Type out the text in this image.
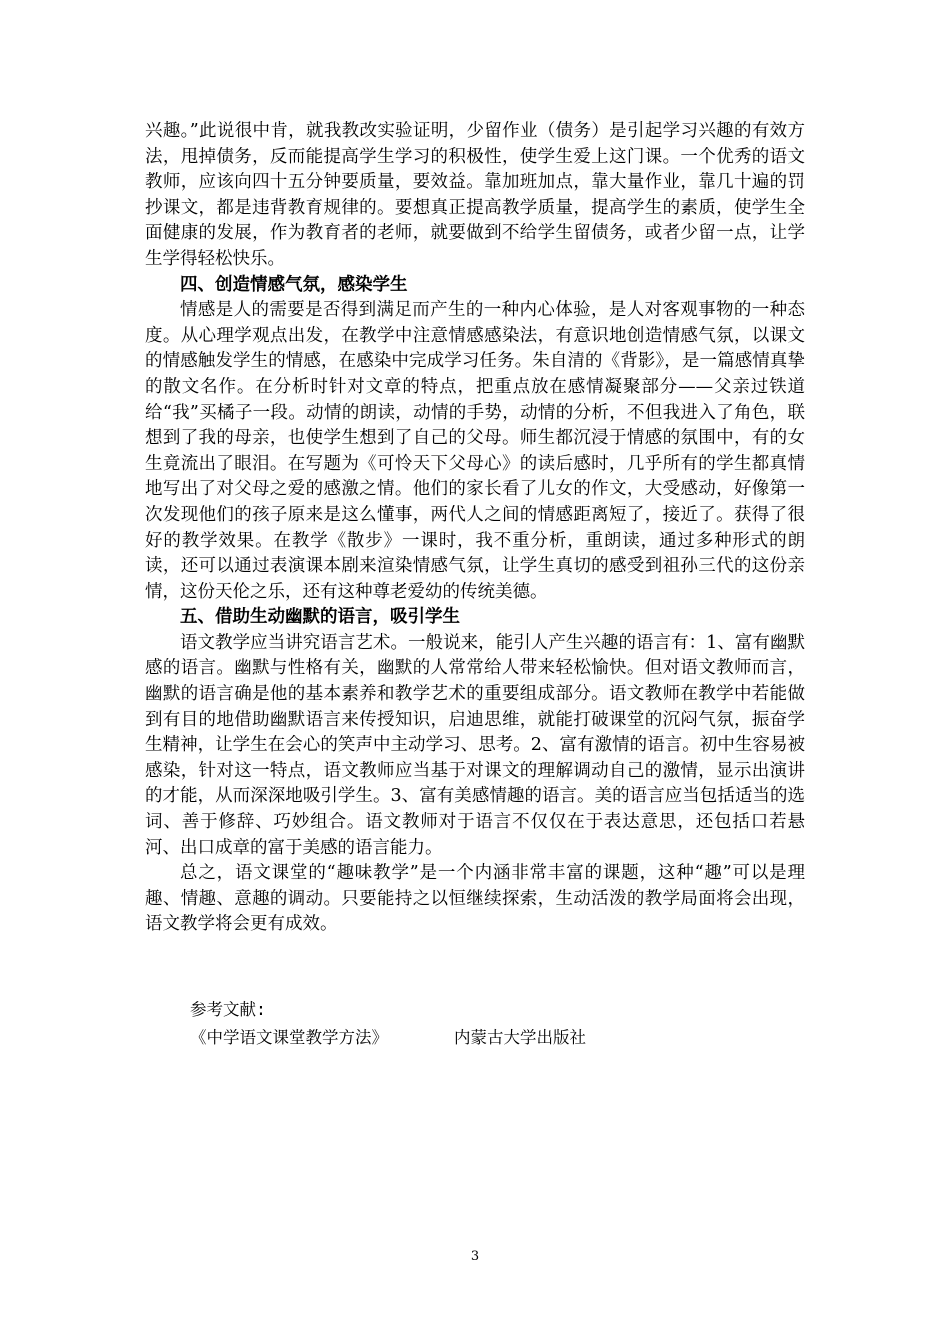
兴趣。”此说很中肯，就我教改实验证明，少留作业（债务）是引起学习兴趣的有效方法，甩掉债务，反而能提高学生学习的积极性，使学生爱上这门课。一个优秀的语文教师，应该向四十五分钟要质量，要效益。靠加班加点，靠大量作业，靠几十遍的罚抄课文，都是违背教育规律的。要想真正提高教学质量，提高学生的素质，使学生全面健康的发展，作为教育者的老师，就要做到不给学生留债务，或者少留一点，让学生学得轻松快乐。

四、创造情感气氛，感染学生

情感是人的需要是否得到满足而产生的一种内心体验，是人对客观事物的一种态度。从心理学观点出发，在教学中注意情感感染法，有意识地创造情感气氛，以课文的情感触发学生的情感，在感染中完成学习任务。朱自清的《背影》，是一篇感情真挚的散文名作。在分析时针对文章的特点，把重点放在感情凝聚部分——父亲过铁道给“我”买橘子一段。动情的朗读，动情的手势，动情的分析，不但我进入了角色，联想到了我的母亲，也使学生想到了自己的父母。师生都沉浸于情感的氛围中，有的女生竟流出了眼泪。在写题为《可怜天下父母心》的读后感时，几乎所有的学生都真情地写出了对父母之爱的感激之情。他们的家长看了儿女的作文，大受感动，好像第一次发现他们的孩子原来是这么懂事，两代人之间的情感距离短了，接近了。获得了很好的教学效果。在教学《散步》一课时，我不重分析，重朗读，通过多种形式的朗读，还可以通过表演课本剧来渲染情感气氛，让学生真切的感受到祖孙三代的这份亲情，这份天伦之乐，还有这种尊老爱幼的传统美德。

五、借助生动幽默的语言，吸引学生

语文教学应当讲究语言艺术。一般说来，能引人产生兴趣的语言有：1、富有幽默感的语言。幽默与性格有关，幽默的人常常给人带来轻松愉快。但对语文教师而言，幽默的语言确是他的基本素养和教学艺术的重要组成部分。语文教师在教学中若能做到有目的地借助幽默语言来传授知识，启迪思维，就能打破课堂的沉闷气氛，振奋学生精神，让学生在会心的笑声中主动学习、思考。2、富有激情的语言。初中生容易被感染，针对这一特点，语文教师应当基于对课文的理解调动自己的激情，显示出演讲的才能，从而深深地吸引学生。3、富有美感情趣的语言。美的语言应当包括适当的选词、善于修辞、巧妙组合。语文教师对于语言不仅仅在于表达意思，还包括口若悬河、出口成章的富于美感的语言能力。

总之，语文课堂的“趣味教学”是一个内涵非常丰富的课题，这种“趣”可以是理趣、情趣、意趣的调动。只要能持之以恒继续探索，生动活泼的教学局面将会出现，语文教学将会更有成效。

参考文献:
《中学语文课堂教学方法》	内蒙古大学出版社
3
